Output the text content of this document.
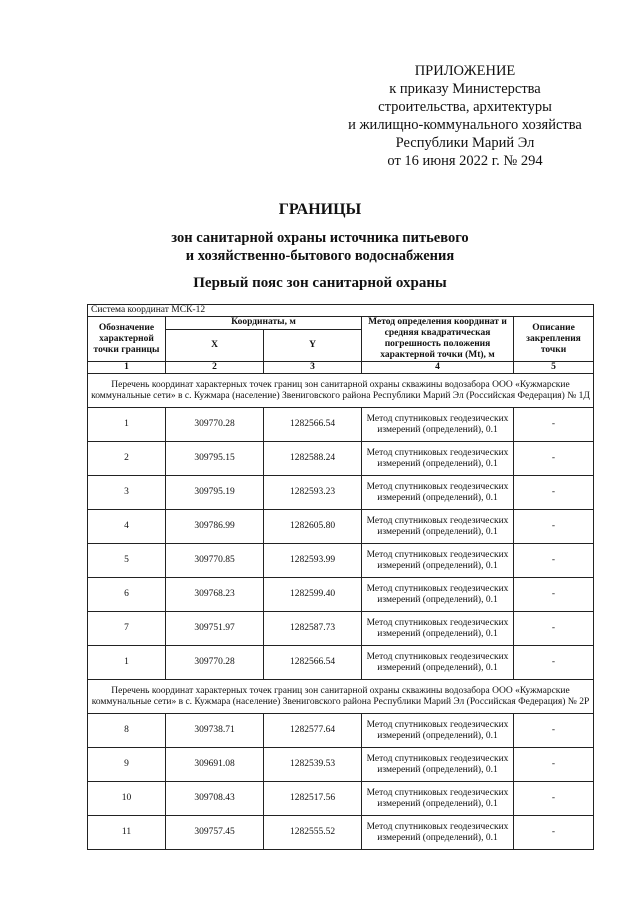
ПРИЛОЖЕНИЕ
к приказу Министерства
строительства, архитектуры
и жилищно-коммунального хозяйства
Республики Марий Эл
от 16 июня 2022 г. № 294
ГРАНИЦЫ
зон санитарной охраны источника питьевого
и хозяйственно-бытового водоснабжения
Первый пояс зон санитарной охраны
Система координат МСК-12				
Обозначение характерной точки границы	Координаты, м		Метод определения координат и средняя квадратическая погрешность положения характерной точки (Mt), м	Описание закрепления точки
	X	Y		
1	2	3	4	5
Перечень координат характерных точек границ зон санитарной охраны скважины водозабора ООО «Кужмарские коммунальные сети» в с. Кужмара (население) Звениговского района Республики Марий Эл (Российская Федерация) № 1Д				
1	309770.28	1282566.54	Метод спутниковых геодезических измерений (определений), 0.1	-
2	309795.15	1282588.24	Метод спутниковых геодезических измерений (определений), 0.1	-
3	309795.19	1282593.23	Метод спутниковых геодезических измерений (определений), 0.1	-
4	309786.99	1282605.80	Метод спутниковых геодезических измерений (определений), 0.1	-
5	309770.85	1282593.99	Метод спутниковых геодезических измерений (определений), 0.1	-
6	309768.23	1282599.40	Метод спутниковых геодезических измерений (определений), 0.1	-
7	309751.97	1282587.73	Метод спутниковых геодезических измерений (определений), 0.1	-
1	309770.28	1282566.54	Метод спутниковых геодезических измерений (определений), 0.1	-
Перечень координат характерных точек границ зон санитарной охраны скважины водозабора ООО «Кужмарские коммунальные сети» в с. Кужмара (население) Звениговского района Республики Марий Эл (Российская Федерация) № 2Р				
8	309738.71	1282577.64	Метод спутниковых геодезических измерений (определений), 0.1	-
9	309691.08	1282539.53	Метод спутниковых геодезических измерений (определений), 0.1	-
10	309708.43	1282517.56	Метод спутниковых геодезических измерений (определений), 0.1	-
11	309757.45	1282555.52	Метод спутниковых геодезических измерений (определений), 0.1	-
